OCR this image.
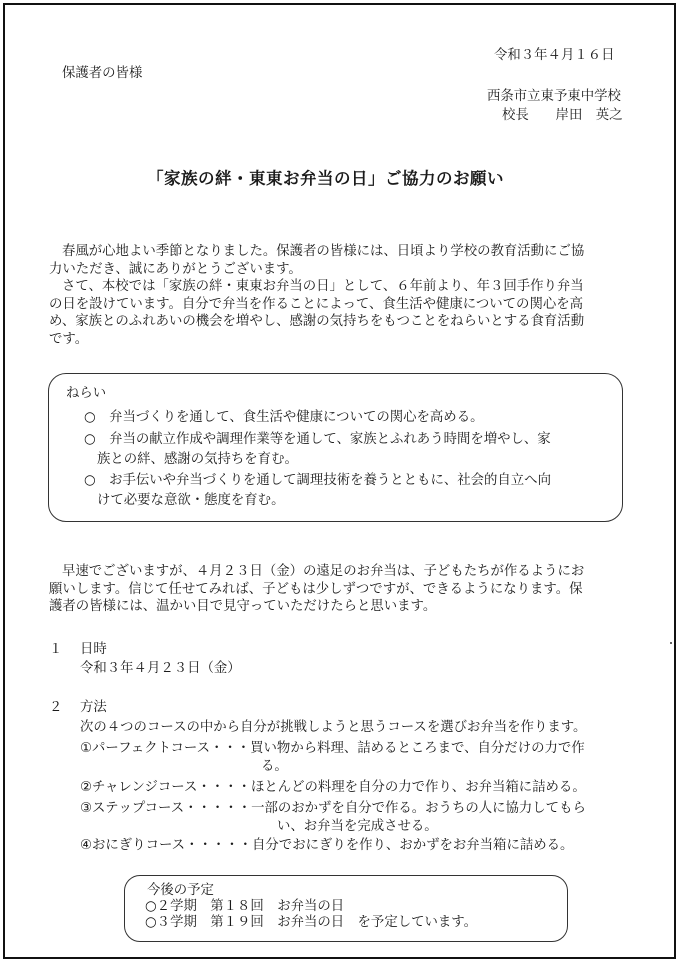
令和３年４月１６日
保護者の皆様
西条市立東予東中学校
校長　　岸田　英之
「家族の絆・東東お弁当の日」ご協力のお願い

春風が心地よい季節となりました。保護者の皆様には、日頃より学校の教育活動にご協

力いただき、誠にありがとうございます。

さて、本校では「家族の絆・東東お弁当の日」として、６年前より、年３回手作り弁当

の日を設けています。自分で弁当を作ることによって、食生活や健康についての関心を高

め、家族とのふれあいの機会を増やし、感謝の気持ちをもつことをねらいとする食育活動

です。

ねらい
○　弁当づくりを通して、食生活や健康についての関心を高める。
○　弁当の献立作成や調理作業等を通して、家族とふれあう時間を増やし、家
族との絆、感謝の気持ちを育む。
○　お手伝いや弁当づくりを通して調理技術を養うとともに、社会的自立へ向
けて必要な意欲・態度を育む。

早速でございますが、４月２３日（金）の遠足のお弁当は、子どもたちが作るようにお

願いします。信じて任せてみれば、子どもは少しずつですが、できるようになります。保

護者の皆様には、温かい目で見守っていただけたらと思います。

１ 日時
令和３年４月２３日（金）
２ 方法
次の４つのコースの中から自分が挑戦しようと思うコースを選びお弁当を作ります。
①パーフェクトコース・・・買い物から料理、詰めるところまで、自分だけの力で作
る。
②チャレンジコース・・・・ほとんどの料理を自分の力で作り、お弁当箱に詰める。
③ステップコース・・・・・一部のおかずを自分で作る。おうちの人に協力してもら
い、お弁当を完成させる。
④おにぎりコース・・・・・自分でおにぎりを作り、おかずをお弁当箱に詰める。
今後の予定
○２学期　第１８回　お弁当の日
○３学期　第１９回　お弁当の日　を予定しています。
